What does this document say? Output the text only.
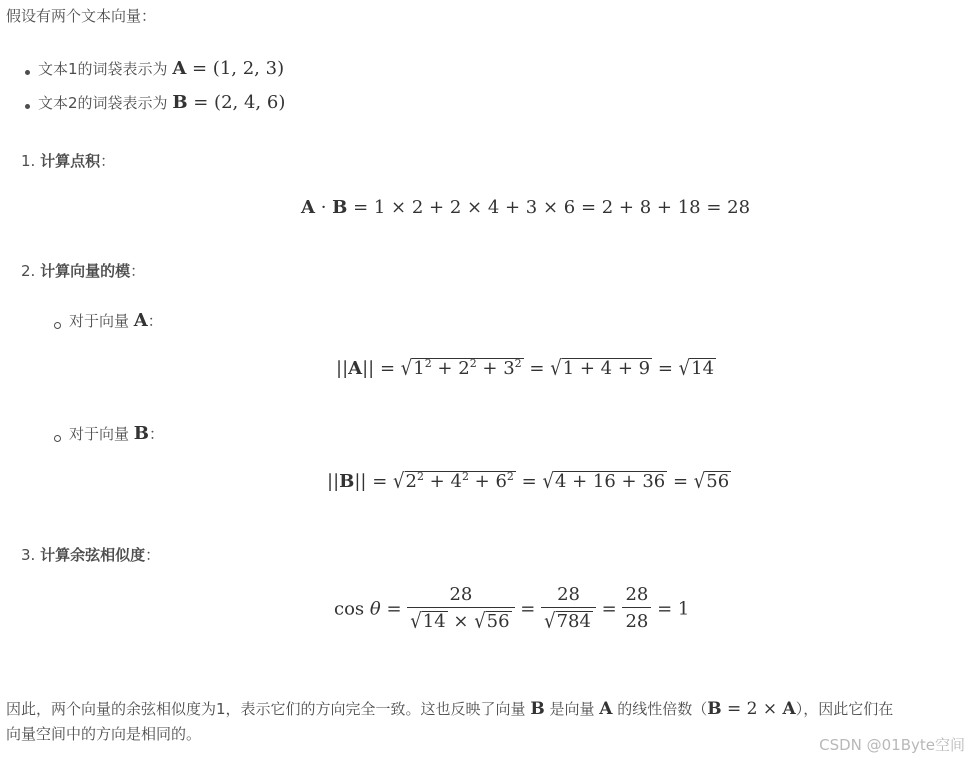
假设有两个文本向量：
文本1的词袋表示为 A = (1, 2, 3)
文本2的词袋表示为 B = (2, 4, 6)
1. 计算点积：
A · B = 1 × 2 + 2 × 4 + 3 × 6 = 2 + 8 + 18 = 28
2. 计算向量的模：
对于向量 A：
$||A|| = √1^2 + 2^2 + 3^2 = √1 + 4 + 9 = √14$
对于向量 B：
$||B|| = √2^2 + 4^2 + 6^2 = √4 + 16 + 36 = √56$
3. 计算余弦相似度：
$\cos \theta = \frac{28}{√14 \times √56} = \frac{28}{√784} = \frac{28}{28} = 1$
因此，两个向量的余弦相似度为1，表示它们的方向完全一致。这也反映了向量 B 是向量 A 的线性倍数（B = 2 × A），因此它们在
向量空间中的方向是相同的。
CSDN @01Byte空间
